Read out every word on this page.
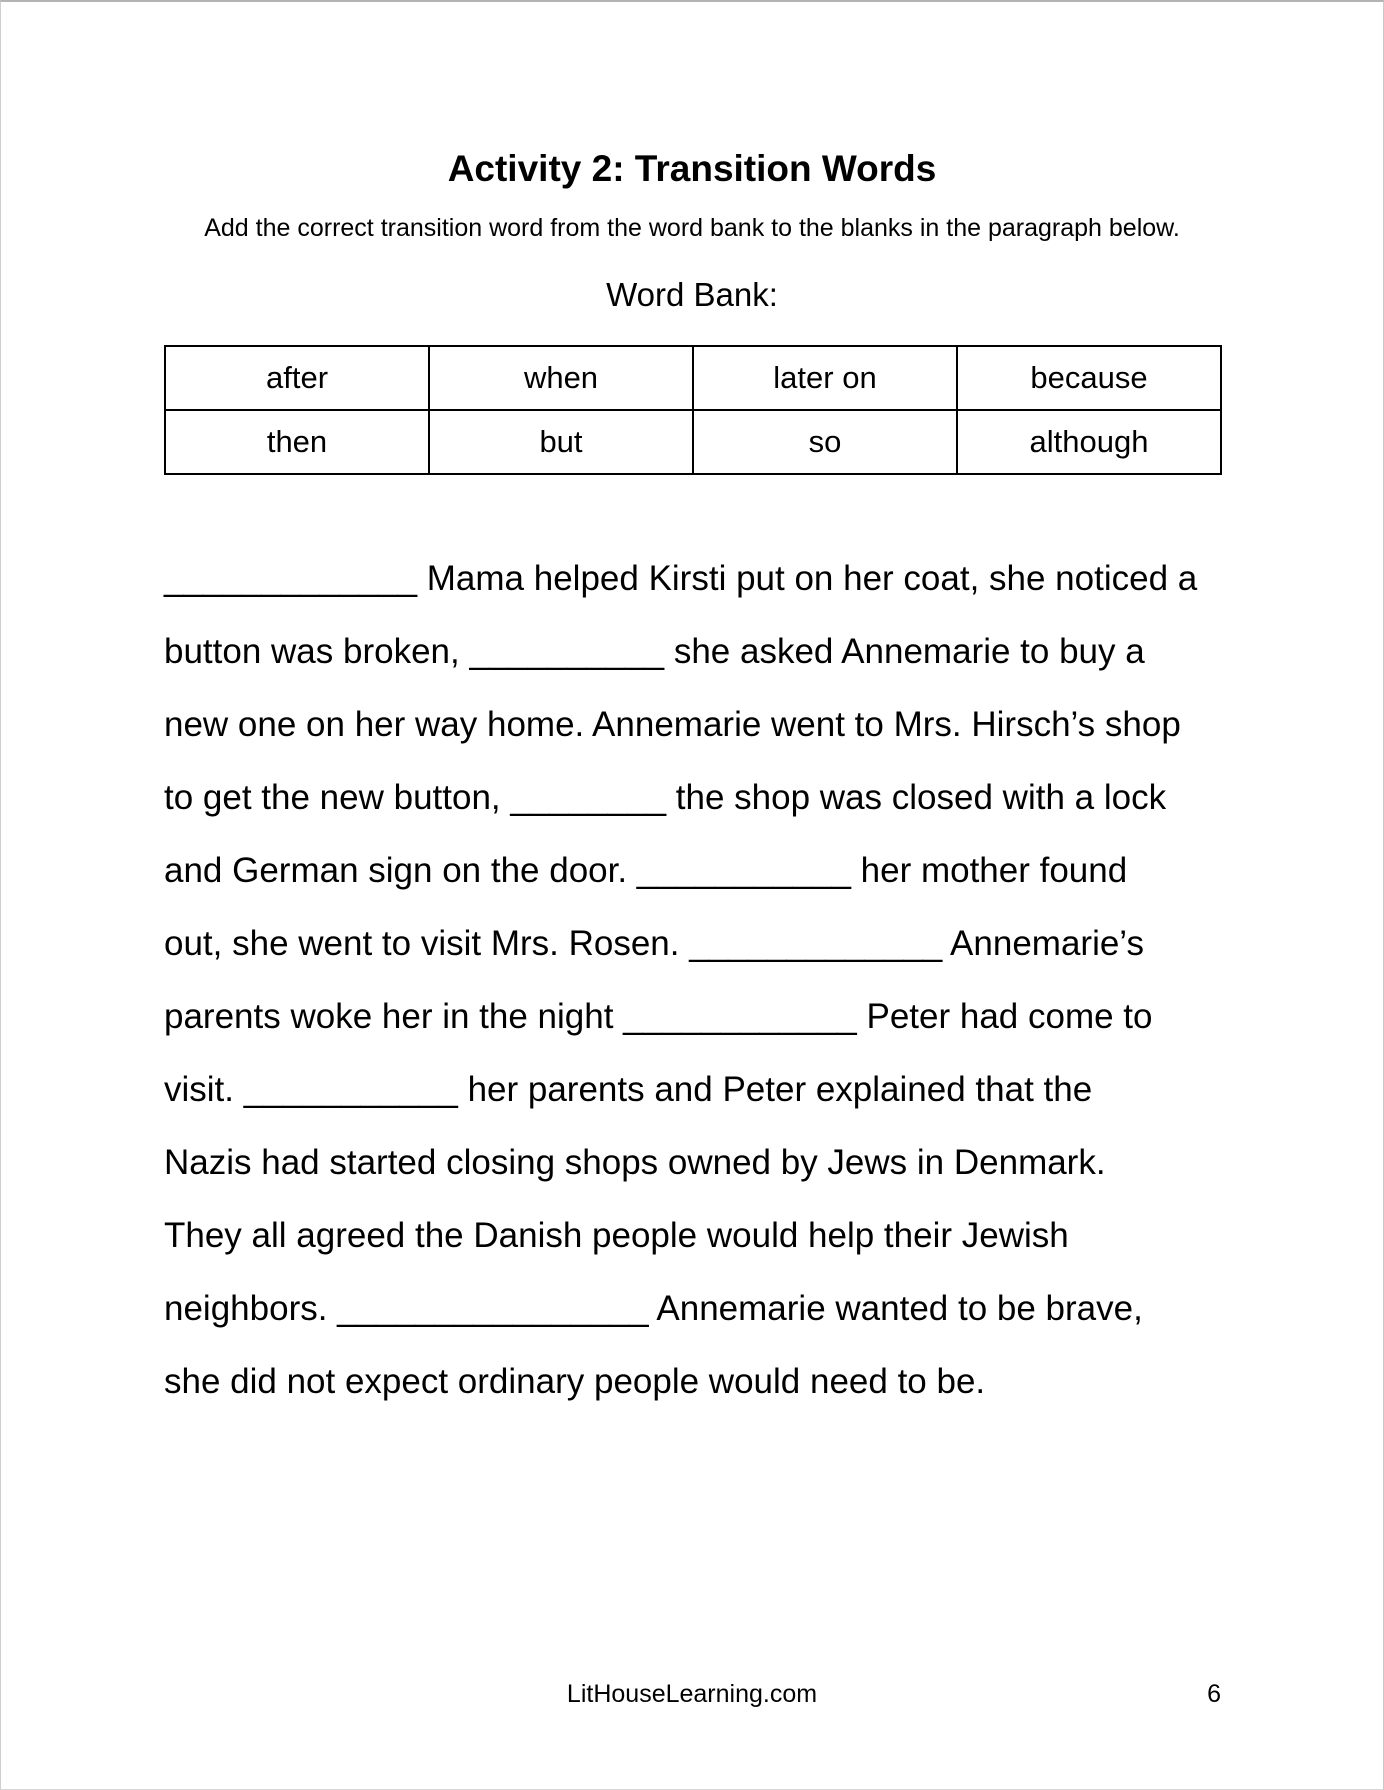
Activity 2: Transition Words
Add the correct transition word from the word bank to the blanks in the paragraph below.
Word Bank:
after	when	later on	because
then	but	so	although
_____________ Mama helped Kirsti put on her coat, she noticed a
button was broken, __________ she asked Annemarie to buy a
new one on her way home. Annemarie went to Mrs. Hirsch’s shop
to get the new button, ________ the shop was closed with a lock
and German sign on the door. ___________ her mother found
out, she went to visit Mrs. Rosen. _____________ Annemarie’s
parents woke her in the night ____________ Peter had come to
visit. ___________ her parents and Peter explained that the
Nazis had started closing shops owned by Jews in Denmark.
They all agreed the Danish people would help their Jewish
neighbors. ________________ Annemarie wanted to be brave,
she did not expect ordinary people would need to be.
LitHouseLearning.com	6
